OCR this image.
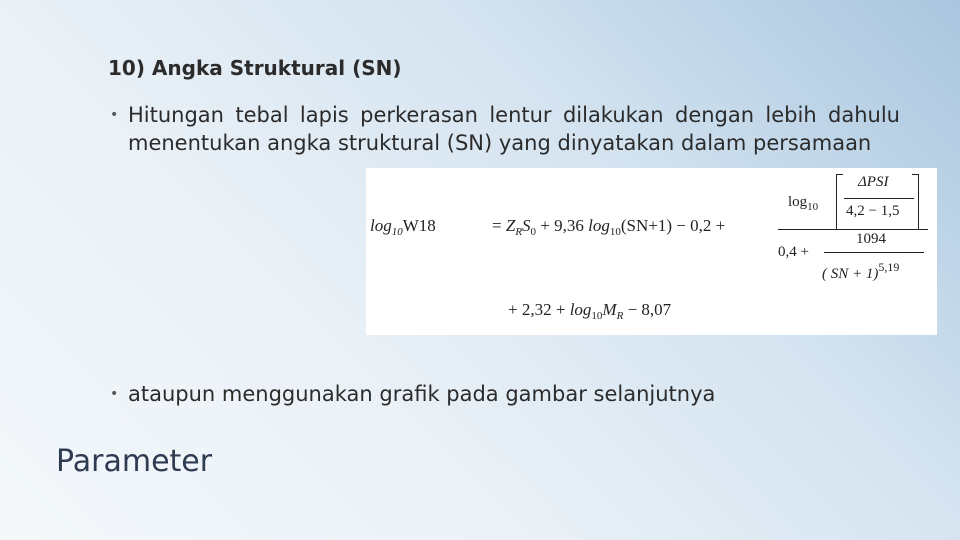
10) Angka Struktural (SN)
• Hitungan tebal lapis perkerasan lentur dilakukan dengan lebih dahulu menentukan angka struktural (SN) yang dinyatakan dalam persamaan
$\log_{10}W18$	= $Z_RS_0 + 9,36$ $\log_{10}(SN+1) - 0,2$ +
$\log_{10}$
ΔPSI
4,2 − 1,5
0,4 +
1094
( SN + 1)$^{5,19}$
+ $2,32 + \log_{10}M_R - 8,07$
• ataupun menggunakan grafik pada gambar selanjutnya
Parameter
